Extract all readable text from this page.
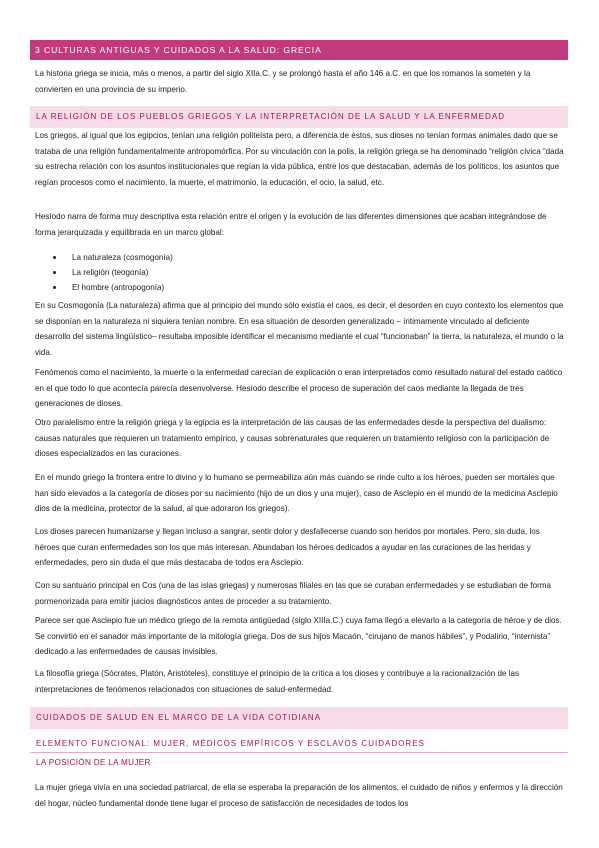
3 CULTURAS ANTIGUAS Y CUIDADOS A LA SALUD: GRECIA

La historia griega se inicia, más o menos, a partir del siglo XIIa.C. y se prolongó hasta el año 146 a.C. en que los romanos la someten y la convierten en una provincia de su imperio.

LA RELIGIÓN DE LOS PUEBLOS GRIEGOS Y LA INTERPRETACIÓN DE LA SALUD Y LA ENFERMEDAD

Los griegos, al igual que los egipcios, tenían una religión politeísta pero, a diferencia de éstos, sus dioses no tenían formas animales dado que se trataba de una religión fundamentalmente antropomórfica. Por su vinculación con la polis, la religión griega se ha denominado “religión cívica “dada su estrecha relación con los asuntos institucionales que regían la vida pública, entre los que destacaban, además de los políticos, los asuntos que regían procesos como el nacimiento, la muerte, el matrimonio, la educación, el ocio, la salud, etc.

Hesíodo narra de forma muy descriptiva esta relación entre el origen y la evolución de las diferentes dimensiones que acaban integrándose de forma jerarquizada y equilibrada en un marco global:

La naturaleza (cosmogonía)
La religión (teogonía)
El hombre (antropogonía)

En su Cosmogonía (La naturaleza) afirma que al principio del mundo sólo existía el caos, es decir, el desorden en cuyo contexto los elementos que se disponían en la naturaleza ni siquiera tenían nombre. En esa situación de desorden generalizado – íntimamente vinculado al deficiente desarrollo del sistema lingüístico– resultaba imposible identificar el mecanismo mediante el cual “funcionaban” la tierra, la naturaleza, el mundo o la vida.

Fenómenos como el nacimiento, la muerte o la enfermedad carecían de explicación o eran interpretados como resultado natural del estado caótico en el que todo lo que acontecía parecía desenvolverse. Hesíodo describe el proceso de superación del caos mediante la llegada de tres generaciones de dioses.

Otro paralelismo entre la religión griega y la egipcia es la interpretación de las causas de las enfermedades desde la perspectiva del dualismo: causas naturales que requieren un tratamiento empírico, y causas sobrenaturales que requieren un tratamiento religioso con la participación de dioses especializados en las curaciones.

En el mundo griego la frontera entre lo divino y lo humano se permeabiliza aún más cuando se rinde culto a los héroes, pueden ser mortales que han sido elevados a la categoría de dioses por su nacimiento (hijo de un dios y una mujer), caso de Asclepio en el mundo de la medicina Asclepio dios de la medicina, protector de la salud, al que adoraron los griegos).

Los dioses parecen humanizarse y llegan incluso a sangrar, sentir dolor y desfallecerse cuando son heridos por mortales. Pero, sin duda, los héroes que curan enfermedades son los que más interesan. Abundaban los héroes dedicados a ayudar en las curaciones de las heridas y enfermedades, pero sin duda el que más destacaba de todos era Asclepio.

Con su santuario principal en Cos (una de las islas griegas) y numerosas filiales en las que se curaban enfermedades y se estudiaban de forma pormenorizada para emitir juicios diagnósticos antes de proceder a su tratamiento.

Parece ser que Asclepio fue un médico griego de la remota antigüedad (siglo XIIIa.C.) cuya fama llegó a elevarlo a la categoría de héroe y de dios. Se convirtió en el sanador más importante de la mitología griega. Dos de sus hijos Macaón, “cirujano de manos hábiles”, y Podalirio, “internista” dedicado a las enfermedades de causas invisibles.

La filosofía griega (Sócrates, Platón, Aristóteles), constituye el principio de la crítica a los dioses y contribuye a la racionalización de las interpretaciones de fenómenos relacionados con situaciones de salud-enfermedad.

CUIDADOS DE SALUD EN EL MARCO DE LA VIDA COTIDIANA
ELEMENTO FUNCIONAL: MUJER, MÉDICOS EMPÍRICOS Y ESCLAVOS CUIDADORES
LA POSICIÓN DE LA MUJER

La mujer griega vivía en una sociedad patriarcal, de ella se esperaba la preparación de los alimentos, el cuidado de niños y enfermos y la dirección del hogar, núcleo fundamental donde tiene lugar el proceso de satisfacción de necesidades de todos los
